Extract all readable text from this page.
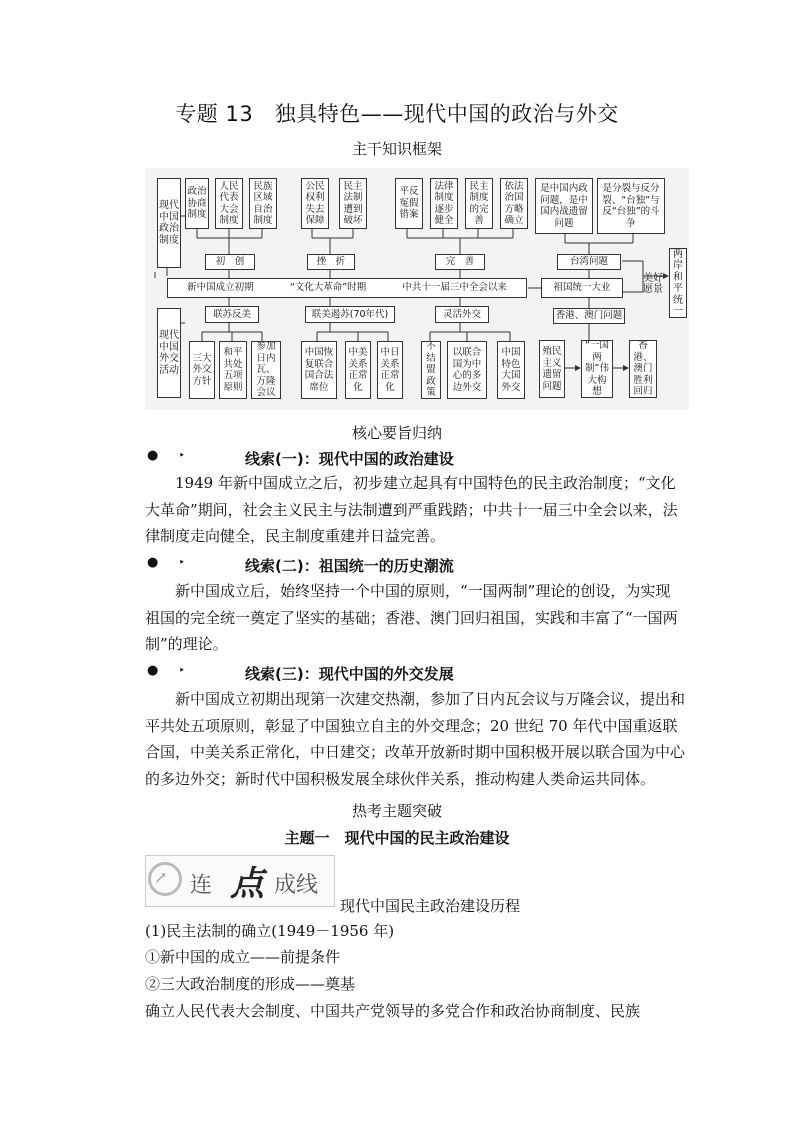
专题 13　独具特色——现代中国的政治与外交
主干知识框架
现代中国政治制度
现代中国外交活动
政治协商制度
人民代表大会制度
民族区域自治制度
公民权利失去保障
民主法制遭到破坏
平反冤假错案
法律制度逐步健全
民主制度的完善
依法治国方略确立
初　创	挫　折	完　善
新中国成立初期	“文化大革命”时期	中共十一届三中全会以来
联苏反美	联美遏苏(70年代)	灵活外交
三大外交方针
和平共处五项原则
参加日内瓦、万隆会议
中国恢复联合国合法席位
中美关系正常化
中日关系正常化
不结盟政策
以联合国为中心的多边外交
中国特色大国外交
是中国内政问题，是中国内战遗留问题
是分裂与反分裂、“台独”与反“台独”的斗争
台湾问题
祖国统一大业
香港、澳门问题
殖民主义遗留问题
“一国两制”伟大构想
香港、澳门胜利回归
美好愿景
两岸和平统一
核心要旨归纳
● ‣	线索(一)：现代中国的政治建设

1949 年新中国成立之后，初步建立起具有中国特色的民主政治制度；“文化大革命”期间，社会主义民主与法制遭到严重践踏；中共十一届三中全会以来，法律制度走向健全，民主制度重建并日益完善。

● ‣	线索(二)：祖国统一的历史潮流

新中国成立后，始终坚持一个中国的原则，“一国两制”理论的创设，为实现祖国的完全统一奠定了坚实的基础；香港、澳门回归祖国，实践和丰富了“一国两制”的理论。

● ‣	线索(三)：现代中国的外交发展

新中国成立初期出现第一次建交热潮，参加了日内瓦会议与万隆会议，提出和平共处五项原则，彰显了中国独立自主的外交理念；20 世纪 70 年代中国重返联合国，中美关系正常化，中日建交；改革开放新时期中国积极开展以联合国为中心的多边外交；新时代中国积极发展全球伙伴关系，推动构建人类命运共同体。

热考主题突破
主题一　现代中国的民主政治建设
↗ 连 点 成线
现代中国民主政治建设历程
(1)民主法制的确立(1949－1956 年)
①新中国的成立——前提条件
②三大政治制度的形成——奠基
确立人民代表大会制度、中国共产党领导的多党合作和政治协商制度、民族
